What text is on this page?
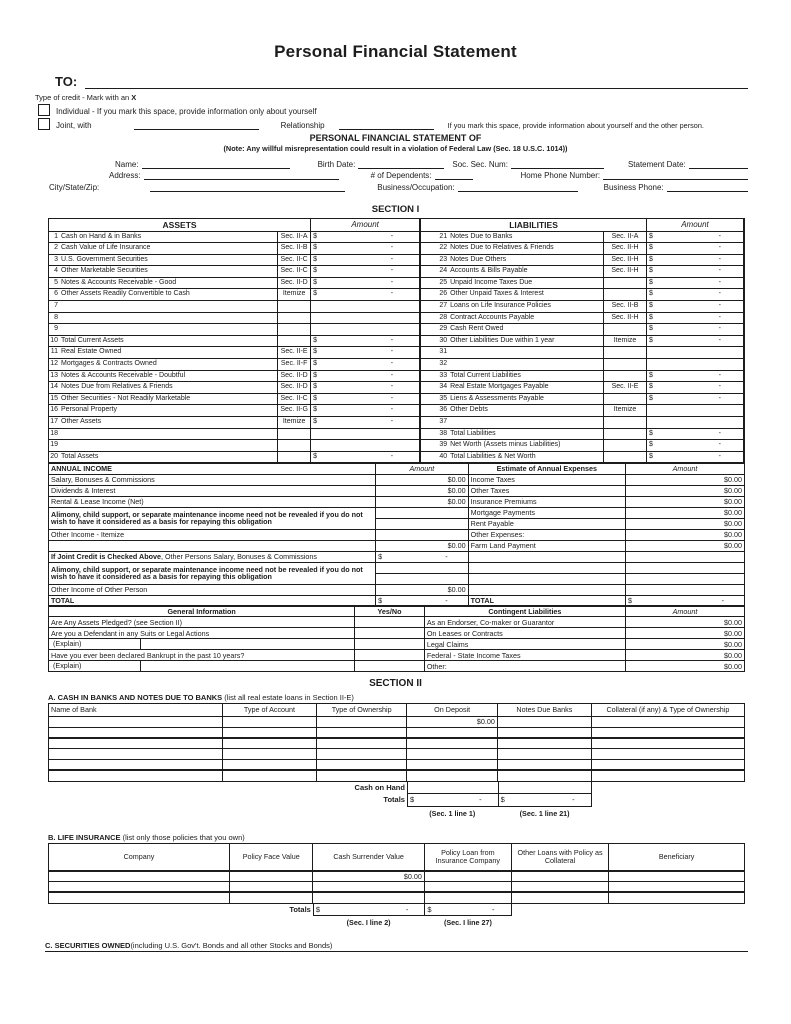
Personal Financial Statement
TO:
Type of credit - Mark with an X
Individual - If you mark this space, provide information only about yourself
Joint, with	Relationship	If you mark this space, provide information about yourself and the other person.
PERSONAL FINANCIAL STATEMENT OF
(Note: Any willful misrepresentation could result in a violation of Federal Law (Sec. 18 U.S.C. 1014))
Name:	Birth Date:	Soc. Sec. Num:	Statement Date:
Address:	# of Dependents:	Home Phone Number:
City/State/Zip:	Business/Occupation:	Business Phone:
SECTION I
ASSETS	Amount
1 Cash on Hand & in Banks	Sec. II-A $	-
2 Cash Value of Life Insurance	Sec. II-B $	-
3 U.S. Government Securities	Sec. II-C $	-
4 Other Marketable Securities	Sec. II-C $	-
5 Notes & Accounts Receivable - Good	Sec. II-D $	-
6 Other Assets Readily Convertible to Cash	Itemize	$	-
7
8
9
10 Total Current Assets	$	-
11 Real Estate Owned	Sec. II-E $	-
12 Mortgages & Contracts Owned	Sec. II-F $	-
13 Notes & Accounts Receivable - Doubtful	Sec. II-D $	-
14 Notes Due from Relatives & Friends	Sec. II-D $	-
15 Other Securities - Not Readily Marketable	Sec. II-C $	-
16 Personal Property	Sec. II-G $	-
17 Other Assets	Itemize	$	-
18
19
20 Total Assets	$	-
LIABILITIES	Amount
21 Notes Due to Banks	Sec. II-A	$	-
22 Notes Due to Relatives & Friends	Sec. II-H	$	-
23 Notes Due Others	Sec. II-H	$	-
24 Accounts & Bills Payable	Sec. II-H	$	-
25 Unpaid Income Taxes Due	$	-
26 Other Unpaid Taxes & Interest	$	-
27 Loans on Life Insurance Policies	Sec. II-B	$	-
28 Contract Accounts Payable	Sec. II-H	$	-
29 Cash Rent Owed	$	-
30 Other Liabilities Due within 1 year	Itemize	$	-
31
32
33 Total Current Liabilities	$	-
34 Real Estate Mortgages Payable	Sec. II-E	$	-
35 Liens & Assessments Payable	$	-
36 Other Debts	Itemize
37
38 Total Liabilities	$	-
39 Net Worth (Assets minus Liabilities)	$	-
40 Total Liabilities & Net Worth	$	-
ANNUAL INCOME	Amount	Estimate of Annual Expenses	Amount
Salary, Bonuses & Commissions	$0.00	Income Taxes	$0.00
Dividends & Interest	$0.00	Other Taxes	$0.00
Rental & Lease Income (Net)	$0.00	Insurance Premiums	$0.00
Alimony, child support, or separate maintenance income need not be revealed if you do not wish to have it considered as a basis for repaying this obligation		Mortgage Payments	$0.00
		Rent Payable	$0.00
Other Income - Itemize		Other Expenses:	$0.00
	$0.00	Farm Land Payment	$0.00
If Joint Credit is Checked Above, Other Persons Salary, Bonuses & Commissions	$ -		

Alimony, child support, or separate maintenance income need not be revealed if you do not wish to have it considered as a basis for repaying this obligation			

Other Income of Other Person	$0.00		
TOTAL	$ -	TOTAL	$ -
General Information	Yes/No	Contingent Liabilities	Amount
Are Any Assets Pledged? (see Section II)		As an Endorser, Co-maker or Guarantor	$0.00
Are you a Defendant in any Suits or Legal Actions		On Leases or Contracts	$0.00

(Explain)		Legal Claims	$0.00
Have you ever been declared Bankrupt in the past 10 years?		Federal - State Income Taxes	$0.00

(Explain)		Other:	$0.00
SECTION II
A. CASH IN BANKS AND NOTES DUE TO BANKS (list all real estate loans in Section II-E)
Name of Bank	Type of Account	Type of Ownership	On Deposit	Notes Due Banks	Collateral (if any) & Type of Ownership
			$0.00		

Cash on Hand
Totals $	-	$	-
(Sec. 1 line 1)	(Sec. 1 line 21)
B. LIFE INSURANCE (list only those policies that you own)
Company	Policy Face Value	Cash Surrender Value	Policy Loan from Insurance Company	Other Loans with Policy as Collateral	Beneficiary
		$0.00			

Totals $	-	$	-
(Sec. I line 2)	(Sec. I line 27)
C. SECURITIES OWNED (including U.S. Gov't. Bonds and all other Stocks and Bonds)
